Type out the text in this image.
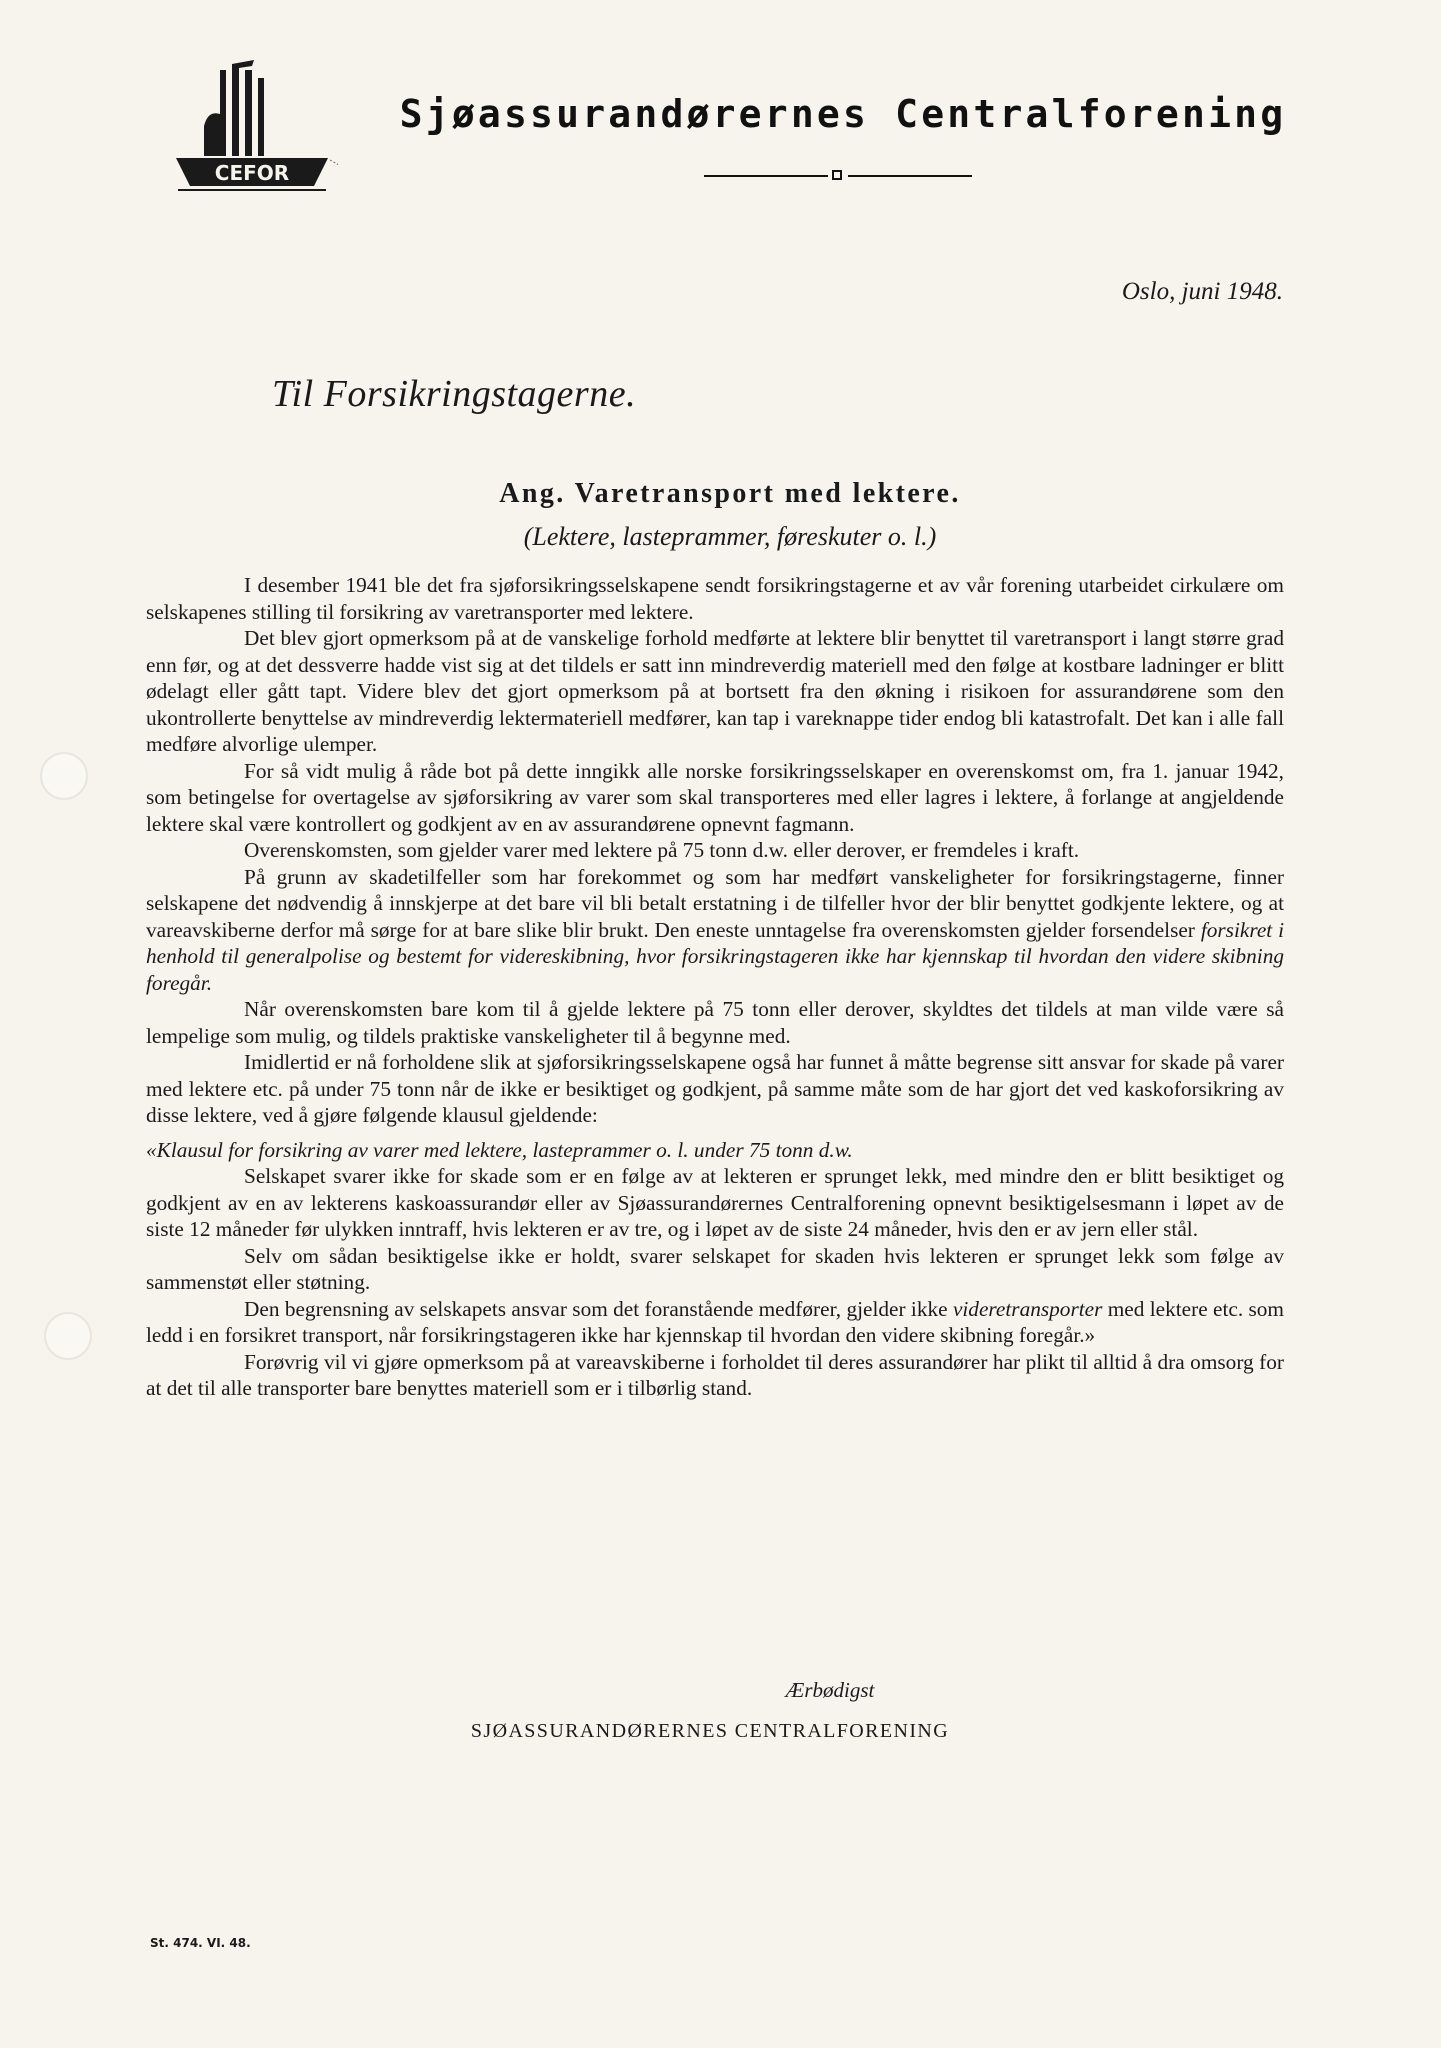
CEFOR
Sjøassurandørernes Centralforening
Oslo, juni 1948.
Til Forsikringstagerne.
Ang. Varetransport med lektere.
(Lektere, lasteprammer, føreskuter o. l.)

I desember 1941 ble det fra sjøforsikringsselskapene sendt forsikringstagerne et av vår forening utarbeidet cirkulære om selskapenes stilling til forsikring av varetransporter med lektere.

Det blev gjort opmerksom på at de vanskelige forhold medførte at lektere blir benyttet til varetransport i langt større grad enn før, og at det dessverre hadde vist sig at det tildels er satt inn mindreverdig materiell med den følge at kostbare ladninger er blitt ødelagt eller gått tapt. Videre blev det gjort opmerksom på at bortsett fra den økning i risikoen for assurandørene som den ukontrollerte benyttelse av mindreverdig lektermateriell medfører, kan tap i vareknappe tider endog bli katastrofalt. Det kan i alle fall medføre alvorlige ulemper.

For så vidt mulig å råde bot på dette inngikk alle norske forsikringsselskaper en overenskomst om, fra 1. januar 1942, som betingelse for overtagelse av sjøforsikring av varer som skal transporteres med eller lagres i lektere, å forlange at angjeldende lektere skal være kontrollert og godkjent av en av assurandørene opnevnt fagmann.

Overenskomsten, som gjelder varer med lektere på 75 tonn d.w. eller derover, er fremdeles i kraft.

På grunn av skadetilfeller som har forekommet og som har medført vanskeligheter for forsikringstagerne, finner selskapene det nødvendig å innskjerpe at det bare vil bli betalt erstatning i de tilfeller hvor der blir benyttet godkjente lektere, og at vareavskiberne derfor må sørge for at bare slike blir brukt. Den eneste unntagelse fra overenskomsten gjelder forsendelser forsikret i henhold til generalpolise og bestemt for videreskibning, hvor forsikringstageren ikke har kjennskap til hvordan den videre skibning foregår.

Når overenskomsten bare kom til å gjelde lektere på 75 tonn eller derover, skyldtes det tildels at man vilde være så lempelige som mulig, og tildels praktiske vanskeligheter til å begynne med.

Imidlertid er nå forholdene slik at sjøforsikringsselskapene også har funnet å måtte begrense sitt ansvar for skade på varer med lektere etc. på under 75 tonn når de ikke er besiktiget og godkjent, på samme måte som de har gjort det ved kaskoforsikring av disse lektere, ved å gjøre følgende klausul gjeldende:

«Klausul for forsikring av varer med lektere, lasteprammer o. l. under 75 tonn d.w.

Selskapet svarer ikke for skade som er en følge av at lekteren er sprunget lekk, med mindre den er blitt besiktiget og godkjent av en av lekterens kaskoassurandør eller av Sjøassurandørernes Centralforening opnevnt besiktigelsesmann i løpet av de siste 12 måneder før ulykken inntraff, hvis lekteren er av tre, og i løpet av de siste 24 måneder, hvis den er av jern eller stål.

Selv om sådan besiktigelse ikke er holdt, svarer selskapet for skaden hvis lekteren er sprunget lekk som følge av sammenstøt eller støtning.

Den begrensning av selskapets ansvar som det foranstående medfører, gjelder ikke videretransporter med lektere etc. som ledd i en forsikret transport, når forsikringstageren ikke har kjennskap til hvordan den videre skibning foregår.»

Forøvrig vil vi gjøre opmerksom på at vareavskiberne i forholdet til deres assurandører har plikt til alltid å dra omsorg for at det til alle transporter bare benyttes materiell som er i tilbørlig stand.

Ærbødigst
SJØASSURANDØRERNES CENTRALFORENING
St. 474. VI. 48.
